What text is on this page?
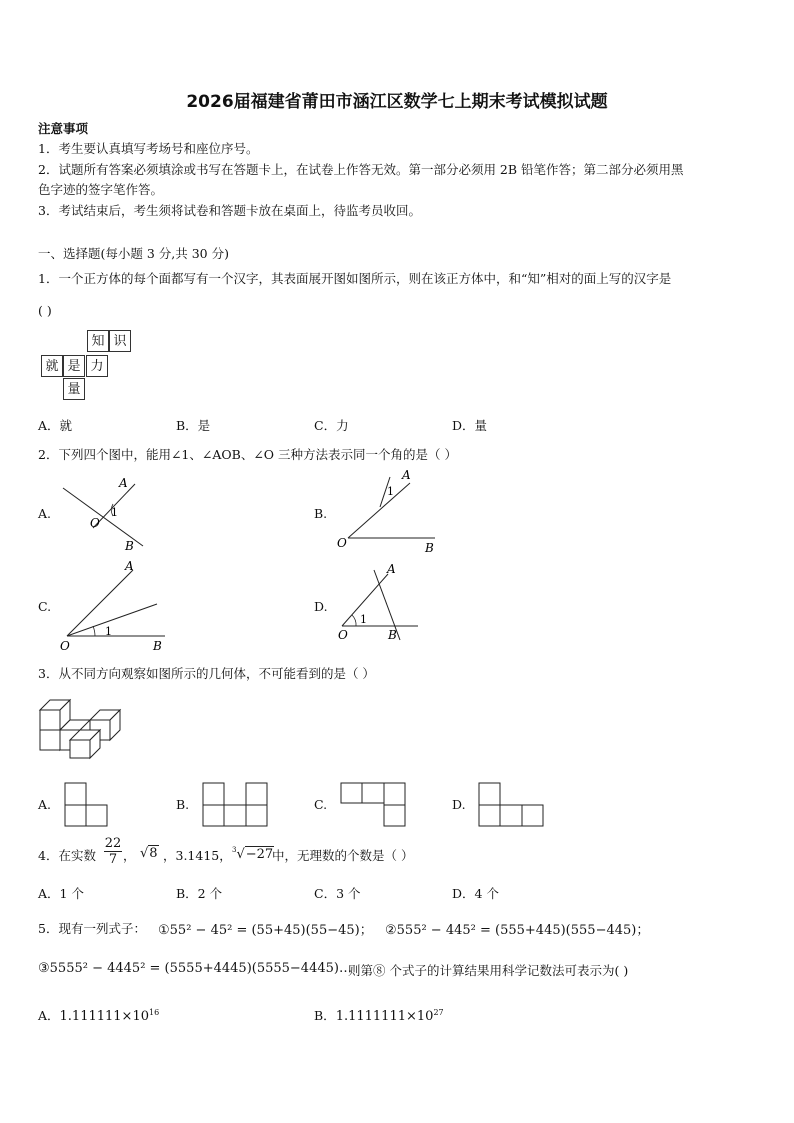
2026届福建省莆田市涵江区数学七上期末考试模拟试题
注意事项
1．考生要认真填写考场号和座位序号。
2．试题所有答案必须填涂或书写在答题卡上，在试卷上作答无效。第一部分必须用 2B 铅笔作答；第二部分必须用黑
色字迹的签字笔作答。
3．考试结束后，考生须将试卷和答题卡放在桌面上，待监考员收回。
一、选择题(每小题 3 分,共 30 分)
1．一个正方体的每个面都写有一个汉字，其表面展开图如图所示，则在该正方体中，和“知”相对的面上写的汉字是
( )
知 识
就 是 力
量
A．就	B．是	C．力	D．量
2．下列四个图中，能用∠1、∠AOB、∠O 三种方法表示同一个角的是（ ）
A.
A
O
B
1	B.
O
A
B
1
C.
O
A
B
1
D.
O
A
B
1
3．从不同方向观察如图所示的几何体，不可能看到的是（ ）
A.	B.	C.	D.
4．在实数
22
7 ， √8 ，3.1415， $^3$√−27
中，无理数的个数是（ ）
A．1 个	B．2 个	C．3 个	D．4 个
5．现有一列式子： ①55² − 45² = (55+45)(55−45)； ②555² − 445² = (555+445)(555−445)；
③5555² − 4445² = (5555+4445)(5555−4445)…
则第⑧ 个式子的计算结果用科学记数法可表示为( )
A．$1.111111\times 10^{16}$	B．$1.1111111\times 10^{27}$
